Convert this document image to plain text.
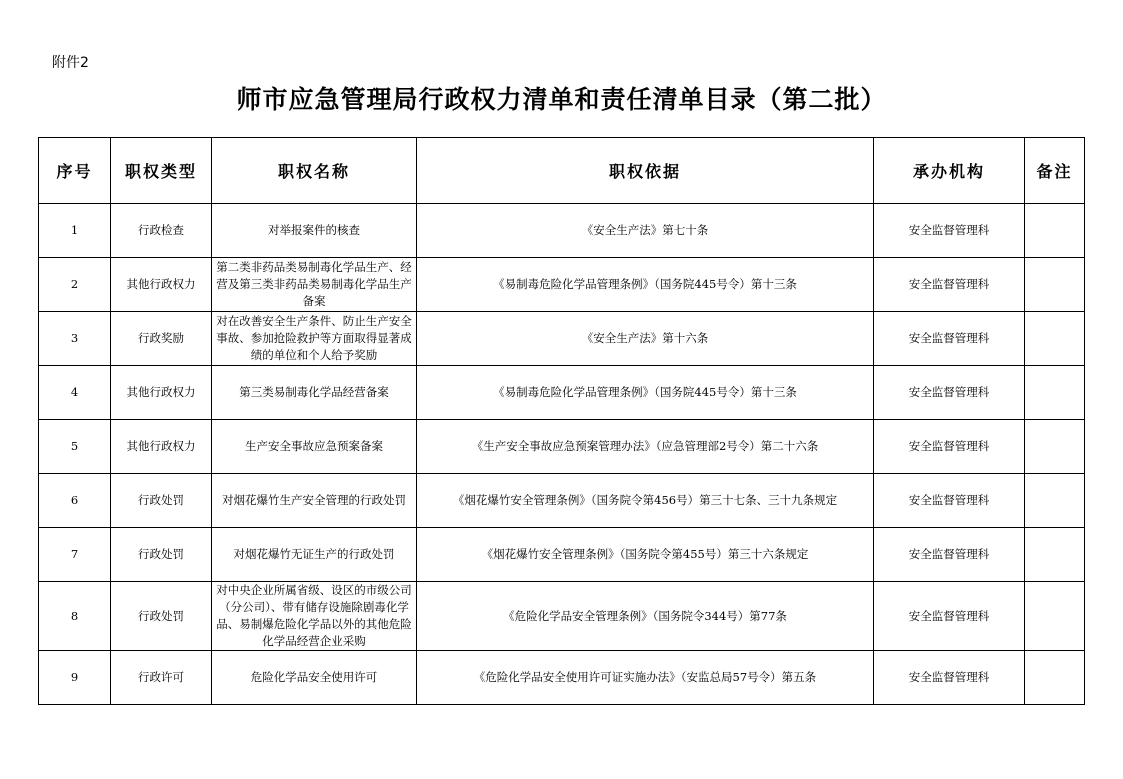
附件2
师市应急管理局行政权力清单和责任清单目录（第二批）
序号	职权类型	职权名称	职权依据	承办机构	备注
1	行政检查	对举报案件的核查	《安全生产法》第七十条	安全监督管理科	
2	其他行政权力	第二类非药品类易制毒化学品生产、经营及第三类非药品类易制毒化学品生产备案	《易制毒危险化学品管理条例》（国务院445号令）第十三条	安全监督管理科	
3	行政奖励	对在改善安全生产条件、防止生产安全事故、参加抢险救护等方面取得显著成绩的单位和个人给予奖励	《安全生产法》第十六条	安全监督管理科	
4	其他行政权力	第三类易制毒化学品经营备案	《易制毒危险化学品管理条例》（国务院445号令）第十三条	安全监督管理科	
5	其他行政权力	生产安全事故应急预案备案	《生产安全事故应急预案管理办法》（应急管理部2号令）第二十六条	安全监督管理科	
6	行政处罚	对烟花爆竹生产安全管理的行政处罚	《烟花爆竹安全管理条例》（国务院令第456号）第三十七条、三十九条规定	安全监督管理科	
7	行政处罚	对烟花爆竹无证生产的行政处罚	《烟花爆竹安全管理条例》（国务院令第455号）第三十六条规定	安全监督管理科	
8	行政处罚	对中央企业所属省级、设区的市级公司（分公司）、带有储存设施除剧毒化学品、易制爆危险化学品以外的其他危险化学品经营企业采购	《危险化学品安全管理条例》（国务院令344号）第77条	安全监督管理科	
9	行政许可	危险化学品安全使用许可	《危险化学品安全使用许可证实施办法》（安监总局57号令）第五条	安全监督管理科	
